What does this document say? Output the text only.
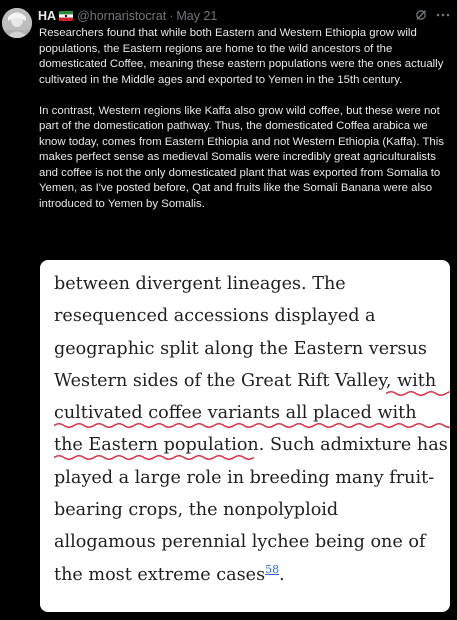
HA @hornaristocrat · May 21

Researchers found that while both Eastern and Western Ethiopia grow wild populations, the Eastern regions are home to the wild ancestors of the domesticated Coffee, meaning these eastern populations were the ones actually cultivated in the Middle ages and exported to Yemen in the 15th century.

In contrast, Western regions like Kaffa also grow wild coffee, but these were not part of the domestication pathway. Thus, the domesticated Coffea arabica we know today, comes from Eastern Ethiopia and not Western Ethiopia (Kaffa). This makes perfect sense as medieval Somalis were incredibly great agriculturalists and coffee is not the only domesticated plant that was exported from Somalia to Yemen, as I've posted before, Qat and fruits like the Somali Banana were also introduced to Yemen by Somalis.

between divergent lineages. The
resequenced accessions displayed a
geographic split along the Eastern versus
Western sides of the Great Rift Valley, with
cultivated coffee variants all placed with
the Eastern population
. Such admixture has
played a large role in breeding many fruit-
bearing crops, the nonpolyploid
allogamous perennial lychee being one of
the most extreme cases$^{58}$.
